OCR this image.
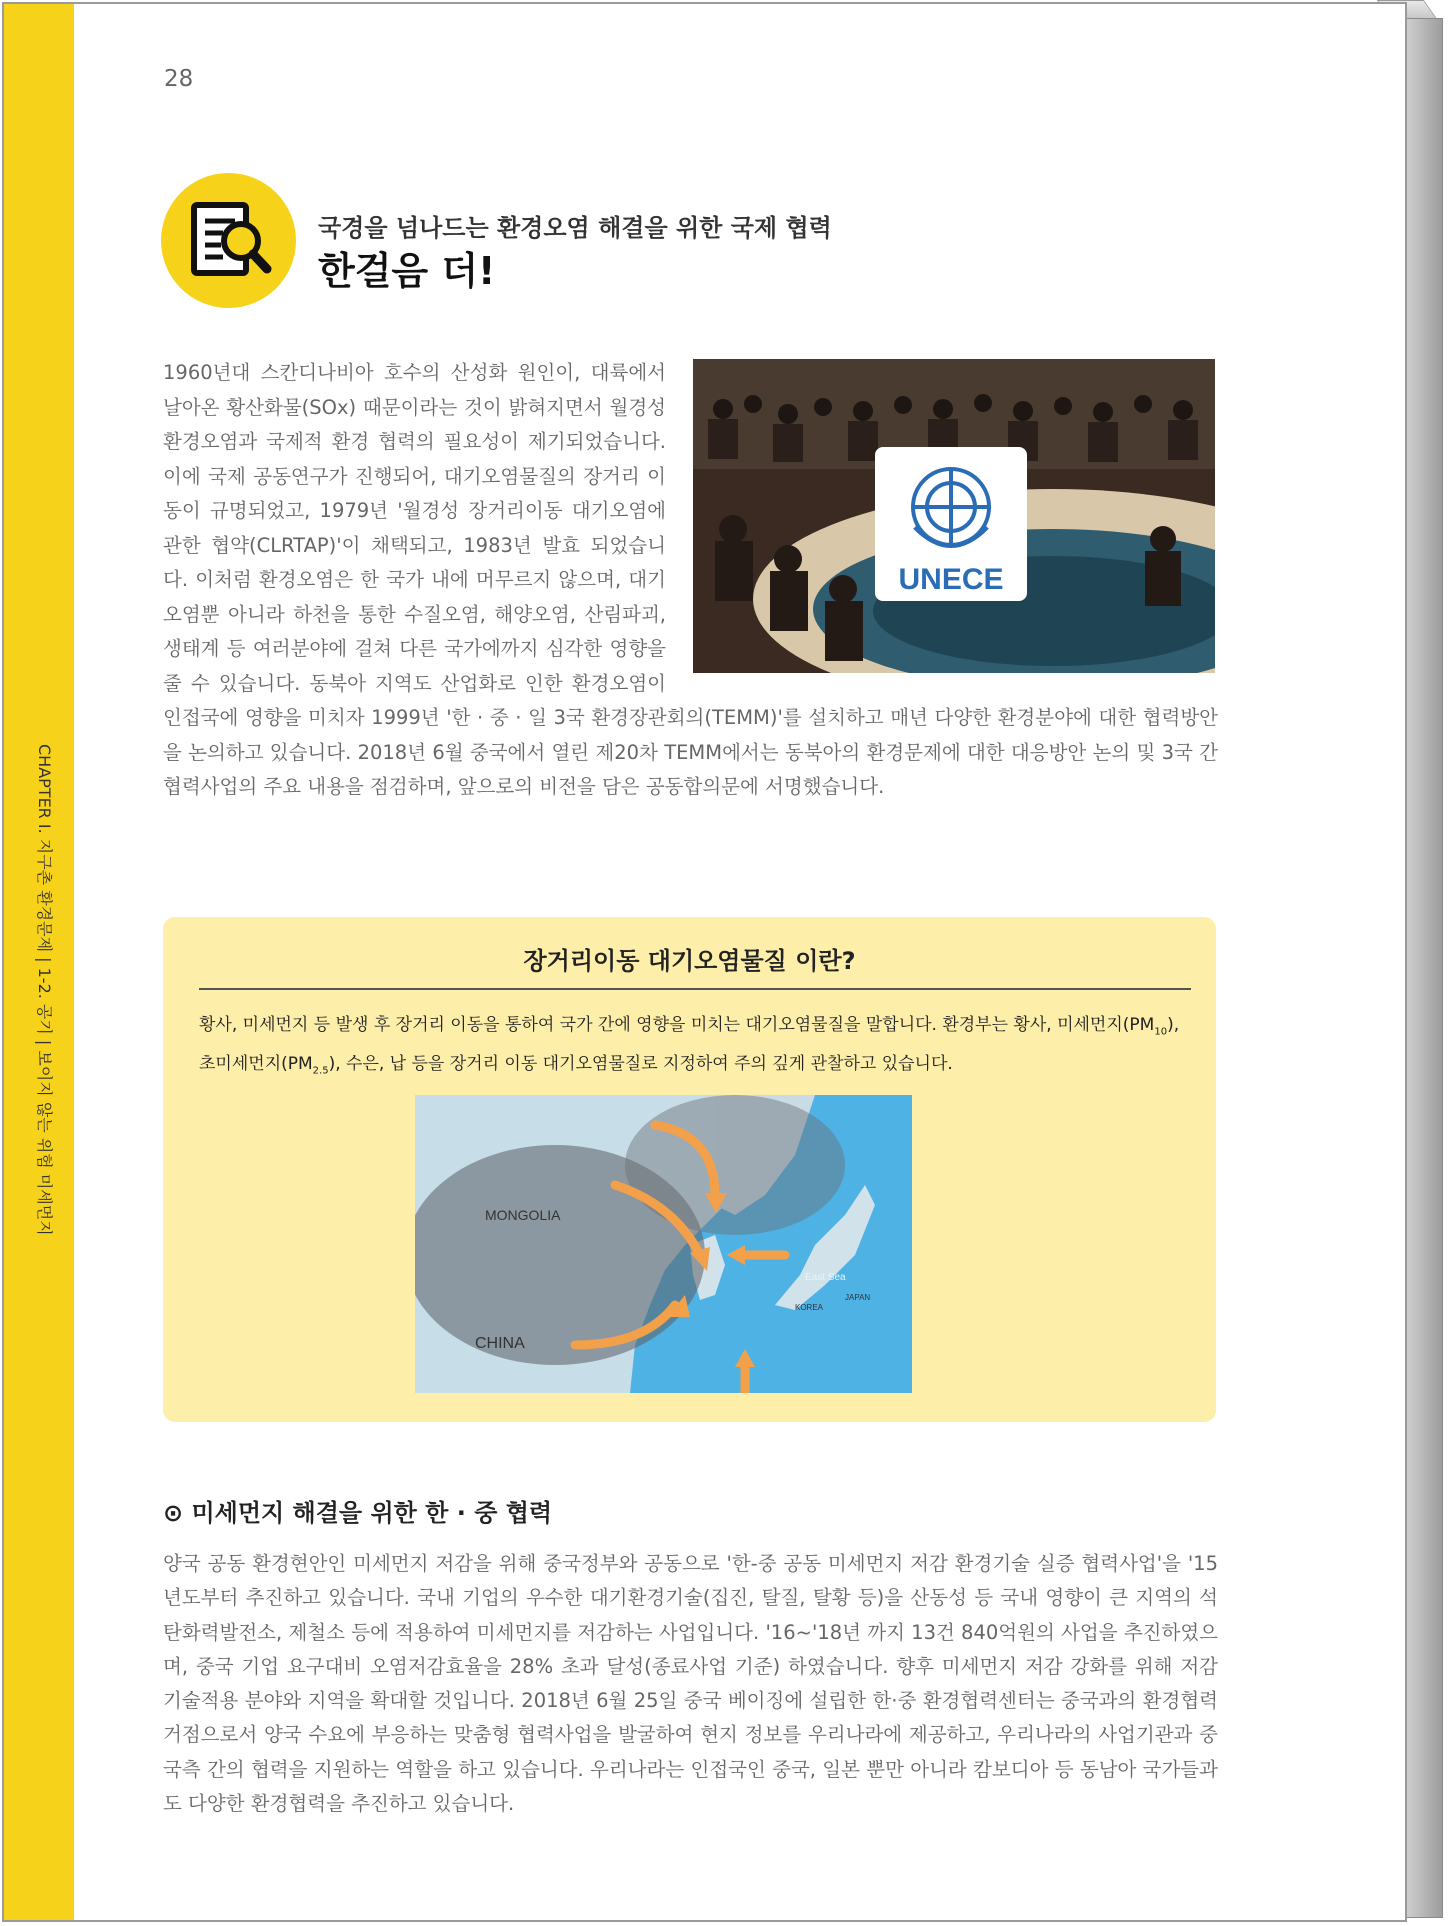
CHAPTER I. 지구촌 환경문제 | 1-2. 공기 | 보이지 않는 위험 미세먼지
28
국경을 넘나드는 환경오염 해결을 위한 국제 협력
한걸음 더!

1960년대 스칸디나비아 호수의 산성화 원인이, 대륙에서 날아온 황산화물(SOx) 때문이라는 것이 밝혀지면서 월경성 환경오염과 국제적 환경 협력의 필요성이 제기되었습니다. 이에 국제 공동연구가 진행되어, 대기오염물질의 장거리 이동이 규명되었고, 1979년 '월경성 장거리이동 대기오염에 관한 협약(CLRTAP)'이 채택되고, 1983년 발효 되었습니다. 이처럼 환경오염은 한 국가 내에 머무르지 않으며, 대기오염뿐 아니라 하천을 통한 수질오염, 해양오염, 산림파괴, 생태계 등 여러분야에 걸쳐 다른 국가에까지 심각한 영향을 줄 수 있습니다. 동북아 지역도 산업화로 인한 환경오염이 인접국에 영향을 미치자 1999년 '한 · 중 · 일 3국 환경장관회의(TEMM)'를 설치하고 매년 다양한 환경분야에 대한 협력방안을 논의하고 있습니다. 2018년 6월 중국에서 열린 제20차 TEMM에서는 동북아의 환경문제에 대한 대응방안 논의 및 3국 간 협력사업의 주요 내용을 점검하며, 앞으로의 비전을 담은 공동합의문에 서명했습니다.

UNECE
장거리이동 대기오염물질 이란?
황사, 미세먼지 등 발생 후 장거리 이동을 통하여 국가 간에 영향을 미치는 대기오염물질을 말합니다. 환경부는 황사, 미세먼지$(PM_{10})$, 초미세먼지$(PM_{2.5})$, 수은, 납 등을 장거리 이동 대기오염물질로 지정하여 주의 깊게 관찰하고 있습니다.
MONGOLIA
CHINA
East Sea
KOREA
JAPAN
⊙ 미세먼지 해결을 위한 한 · 중 협력

양국 공동 환경현안인 미세먼지 저감을 위해 중국정부와 공동으로 '한-중 공동 미세먼지 저감 환경기술 실증 협력사업'을 '15년도부터 추진하고 있습니다. 국내 기업의 우수한 대기환경기술(집진, 탈질, 탈황 등)을 산동성 등 국내 영향이 큰 지역의 석탄화력발전소, 제철소 등에 적용하여 미세먼지를 저감하는 사업입니다. '16~'18년 까지 13건 840억원의 사업을 추진하였으며, 중국 기업 요구대비 오염저감효율을 28% 초과 달성(종료사업 기준) 하였습니다. 향후 미세먼지 저감 강화를 위해 저감 기술적용 분야와 지역을 확대할 것입니다. 2018년 6월 25일 중국 베이징에 설립한 한·중 환경협력센터는 중국과의 환경협력 거점으로서 양국 수요에 부응하는 맞춤형 협력사업을 발굴하여 현지 정보를 우리나라에 제공하고, 우리나라의 사업기관과 중국측 간의 협력을 지원하는 역할을 하고 있습니다. 우리나라는 인접국인 중국, 일본 뿐만 아니라 캄보디아 등 동남아 국가들과도 다양한 환경협력을 추진하고 있습니다.
